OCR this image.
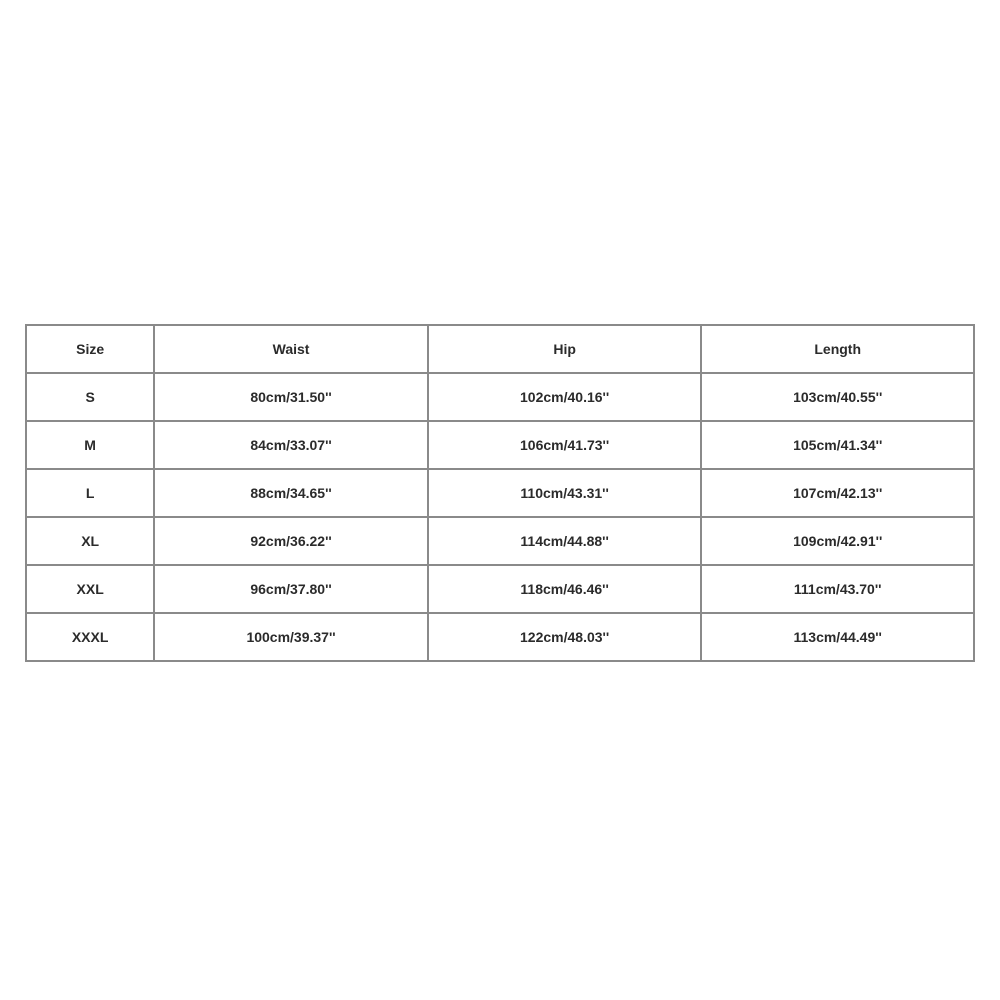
Size	Waist	Hip	Length
S	80cm/31.50''	102cm/40.16''	103cm/40.55''
M	84cm/33.07''	106cm/41.73''	105cm/41.34''
L	88cm/34.65''	110cm/43.31''	107cm/42.13''
XL	92cm/36.22''	114cm/44.88''	109cm/42.91''
XXL	96cm/37.80''	118cm/46.46''	111cm/43.70''
XXXL	100cm/39.37''	122cm/48.03''	113cm/44.49''
